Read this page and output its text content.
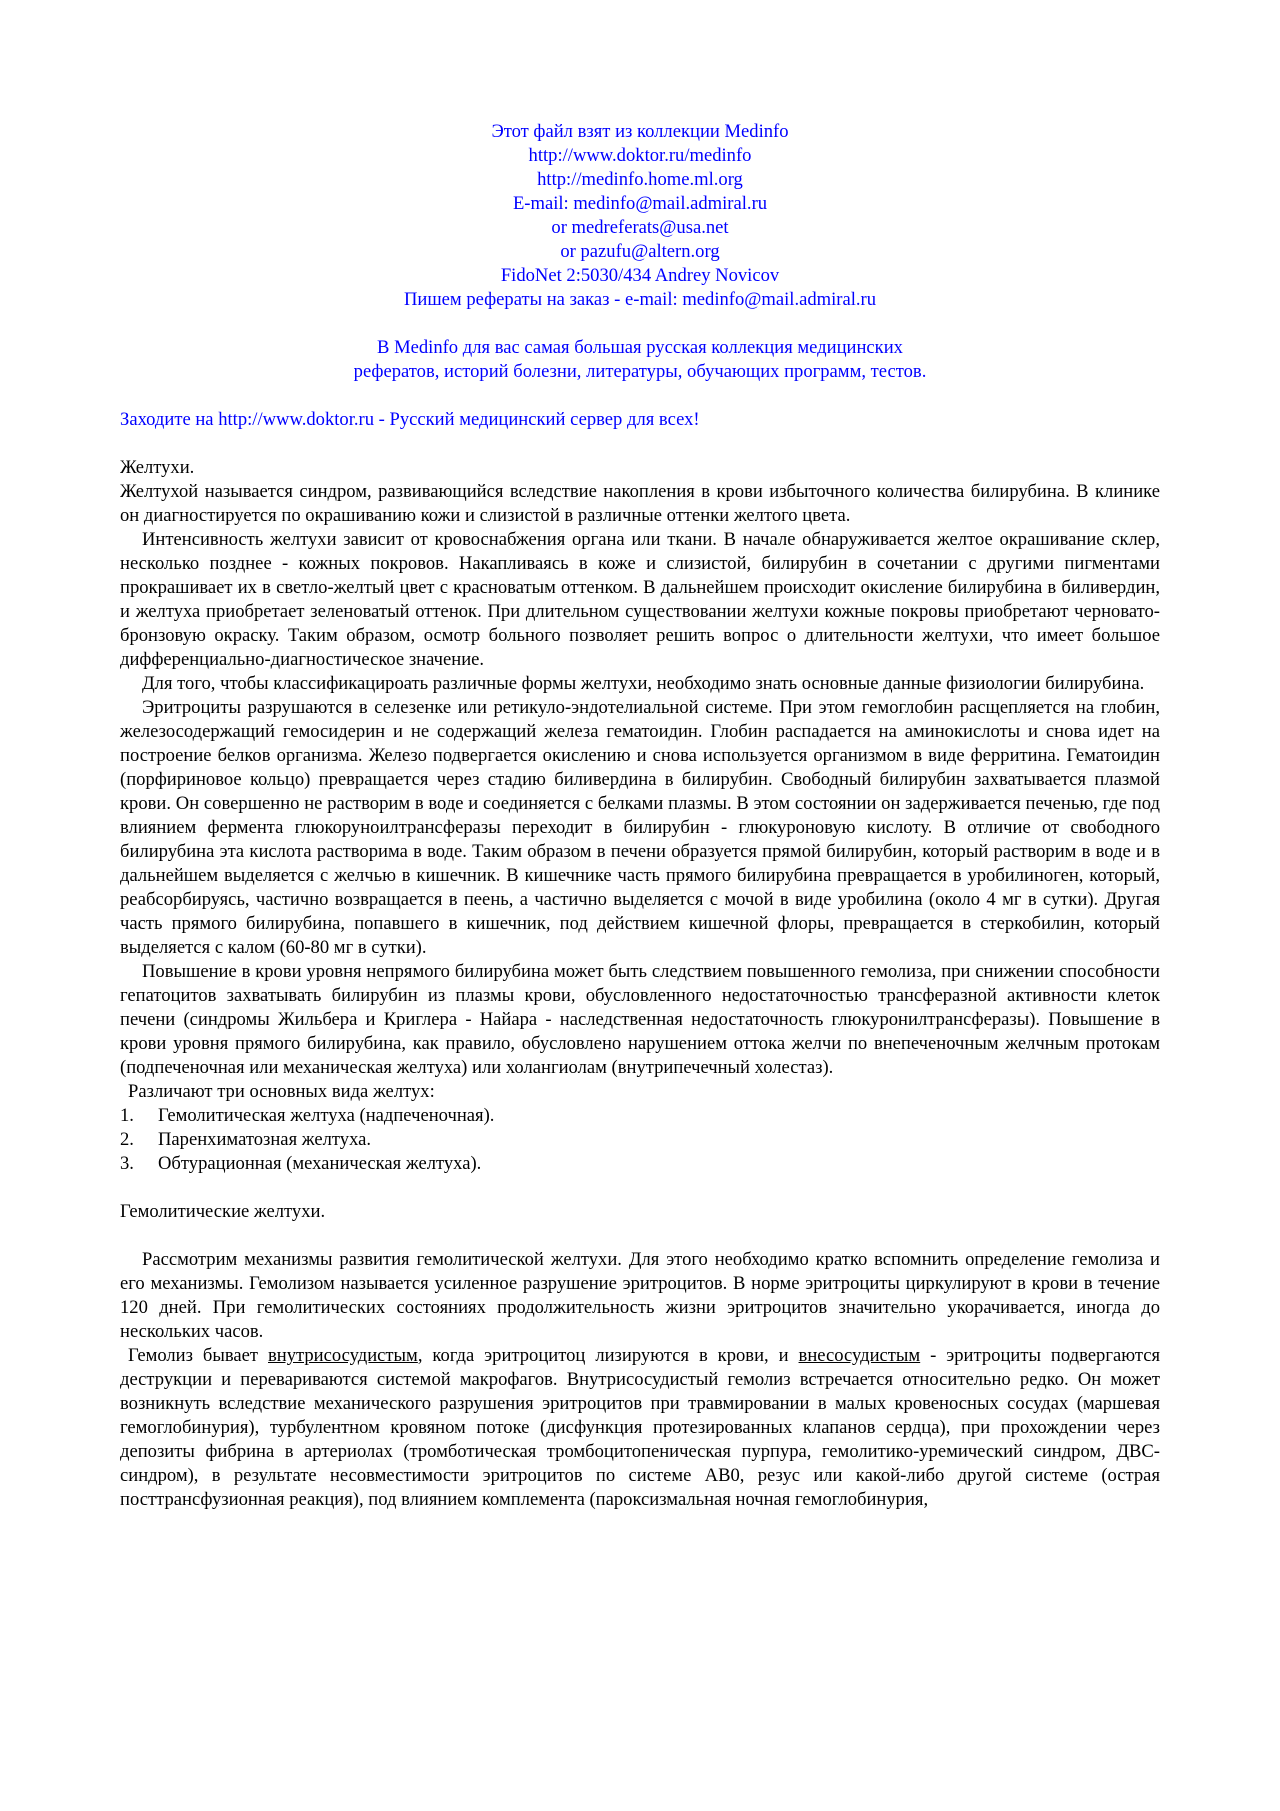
Этот файл взят из коллекции Medinfo
http://www.doktor.ru/medinfo
http://medinfo.home.ml.org
E-mail: medinfo@mail.admiral.ru
or medreferats@usa.net
or pazufu@altern.org
FidoNet 2:5030/434 Andrey Novicov
Пишем рефераты на заказ - e-mail: medinfo@mail.admiral.ru
В Medinfo для вас самая большая русская коллекция медицинских
рефератов, историй болезни, литературы, обучающих программ, тестов.
Заходите на http://www.doktor.ru - Русский медицинский сервер для всех!
Желтухи.

Желтухой называется синдром, развивающийся вследствие накопления в крови избыточного количества билирубина. В клинике он диагностируется по окрашиванию кожи и слизистой в различные оттенки желтого цвета.

Интенсивность желтухи зависит от кровоснабжения органа или ткани. В начале обнаруживается желтое окрашивание склер, несколько позднее - кожных покровов. Накапливаясь в коже и слизистой, билирубин в сочетании с другими пигментами прокрашивает их в светло-желтый цвет с красноватым оттенком. В дальнейшем происходит окисление билирубина в биливердин, и желтуха приобретает зеленоватый оттенок. При длительном существовании желтухи кожные покровы приобретают черновато-бронзовую окраску. Таким образом, осмотр больного позволяет решить вопрос о длительности желтухи, что имеет большое дифференциально-диагностическое значение.

Для того, чтобы классификацироать различные формы желтухи, необходимо знать основные данные физиологии билирубина.

Эритроциты разрушаются в селезенке или ретикуло-эндотелиальной системе. При этом гемоглобин расщепляется на глобин, железосодержащий гемосидерин и не содержащий железа гематоидин. Глобин распадается на аминокислоты и снова идет на построение белков организма. Железо подвергается окислению и снова используется организмом в виде ферритина. Гематоидин (порфириновое кольцо) превращается через стадию биливердина в билирубин. Свободный билирубин захватывается плазмой крови. Он совершенно не растворим в воде и соединяется с белками плазмы. В этом состоянии он задерживается печенью, где под влиянием фермента глюкоруноилтрансферазы переходит в билирубин - глюкуроновую кислоту. В отличие от свободного билирубина эта кислота растворима в воде. Таким образом в печени образуется прямой билирубин, который растворим в воде и в дальнейшем выделяется с желчью в кишечник. В кишечнике часть прямого билирубина превращается в уробилиноген, который, реабсорбируясь, частично возвращается в пеень, а частично выделяется с мочой в виде уробилина (около 4 мг в сутки). Другая часть прямого билирубина, попавшего в кишечник, под действием кишечной флоры, превращается в стеркобилин, который выделяется с калом (60-80 мг в сутки).

Повышение в крови уровня непрямого билирубина может быть следствием повышенного гемолиза, при снижении способности гепатоцитов захватывать билирубин из плазмы крови, обусловленного недостаточностью трансферазной активности клеток печени (синдромы Жильбера и Криглера - Найара - наследственная недостаточность глюкуронилтрансферазы). Повышение в крови уровня прямого билирубина, как правило, обусловлено нарушением оттока желчи по внепеченочным желчным протокам (подпеченочная или механическая желтуха) или холангиолам (внутрипечечный холестаз).

Различают три основных вида желтух:

1.	Гемолитическая желтуха (надпеченочная).
2.	Паренхиматозная желтуха.
3.	Обтурационная (механическая желтуха).
Гемолитические желтухи.

Рассмотрим механизмы развития гемолитической желтухи. Для этого необходимо кратко вспомнить определение гемолиза и его механизмы. Гемолизом называется усиленное разрушение эритроцитов. В норме эритроциты циркулируют в крови в течение 120 дней. При гемолитических состояниях продолжительность жизни эритроцитов значительно укорачивается, иногда до нескольких часов.

Гемолиз бывает внутрисосудистым, когда эритроцитоц лизируются в крови, и внесосудистым - эритроциты подвергаются деструкции и перевариваются системой макрофагов. Внутрисосудистый гемолиз встречается относительно редко. Он может возникнуть вследствие механического разрушения эритроцитов при травмировании в малых кровеносных сосудах (маршевая гемоглобинурия), турбулентном кровяном потоке (дисфункция протезированных клапанов сердца), при прохождении через депозиты фибрина в артериолах (тромботическая тромбоцитопеническая пурпура, гемолитико-уремический синдром, ДВС-синдром), в результате несовместимости эритроцитов по системе АВ0, резус или какой-либо другой системе (острая посттрансфузионная реакция), под влиянием комплемента (пароксизмальная ночная гемоглобинурия,
